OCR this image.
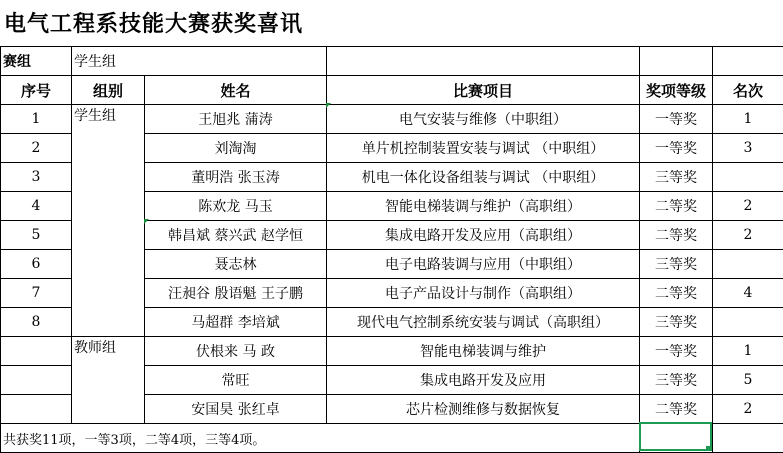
电气工程系技能大赛获奖喜讯
赛组	学生组				
序号	组别	姓名	比赛项目	奖项等级	名次
1	学生组	王旭兆 蒲涛	电气安装与维修（中职组）	一等奖	1
2		刘淘淘	单片机控制装置安装与调试 （中职组）	一等奖	3
3		董明浩 张玉涛	机电一体化设备组装与调试 （中职组）	三等奖	
4		陈欢龙 马玉	智能电梯装调与维护（高职组）	二等奖	2
5		韩昌斌 蔡兴武 赵学恒	集成电路开发及应用（高职组）	二等奖	2
6		聂志林	电子电路装调与应用（中职组）	三等奖	
7		汪昶谷 殷语魁 王子鹏	电子产品设计与制作（高职组）	二等奖	4
8		马超群 李培斌	现代电气控制系统安装与调试（高职组）	三等奖	
	教师组	伏根来 马 政	智能电梯装调与维护	一等奖	1
		常旺	集成电路开发及应用	三等奖	5
		安国昊 张红卓	芯片检测维修与数据恢复	二等奖	2
共获奖11项，一等3项，二等4项，三等4项。					
